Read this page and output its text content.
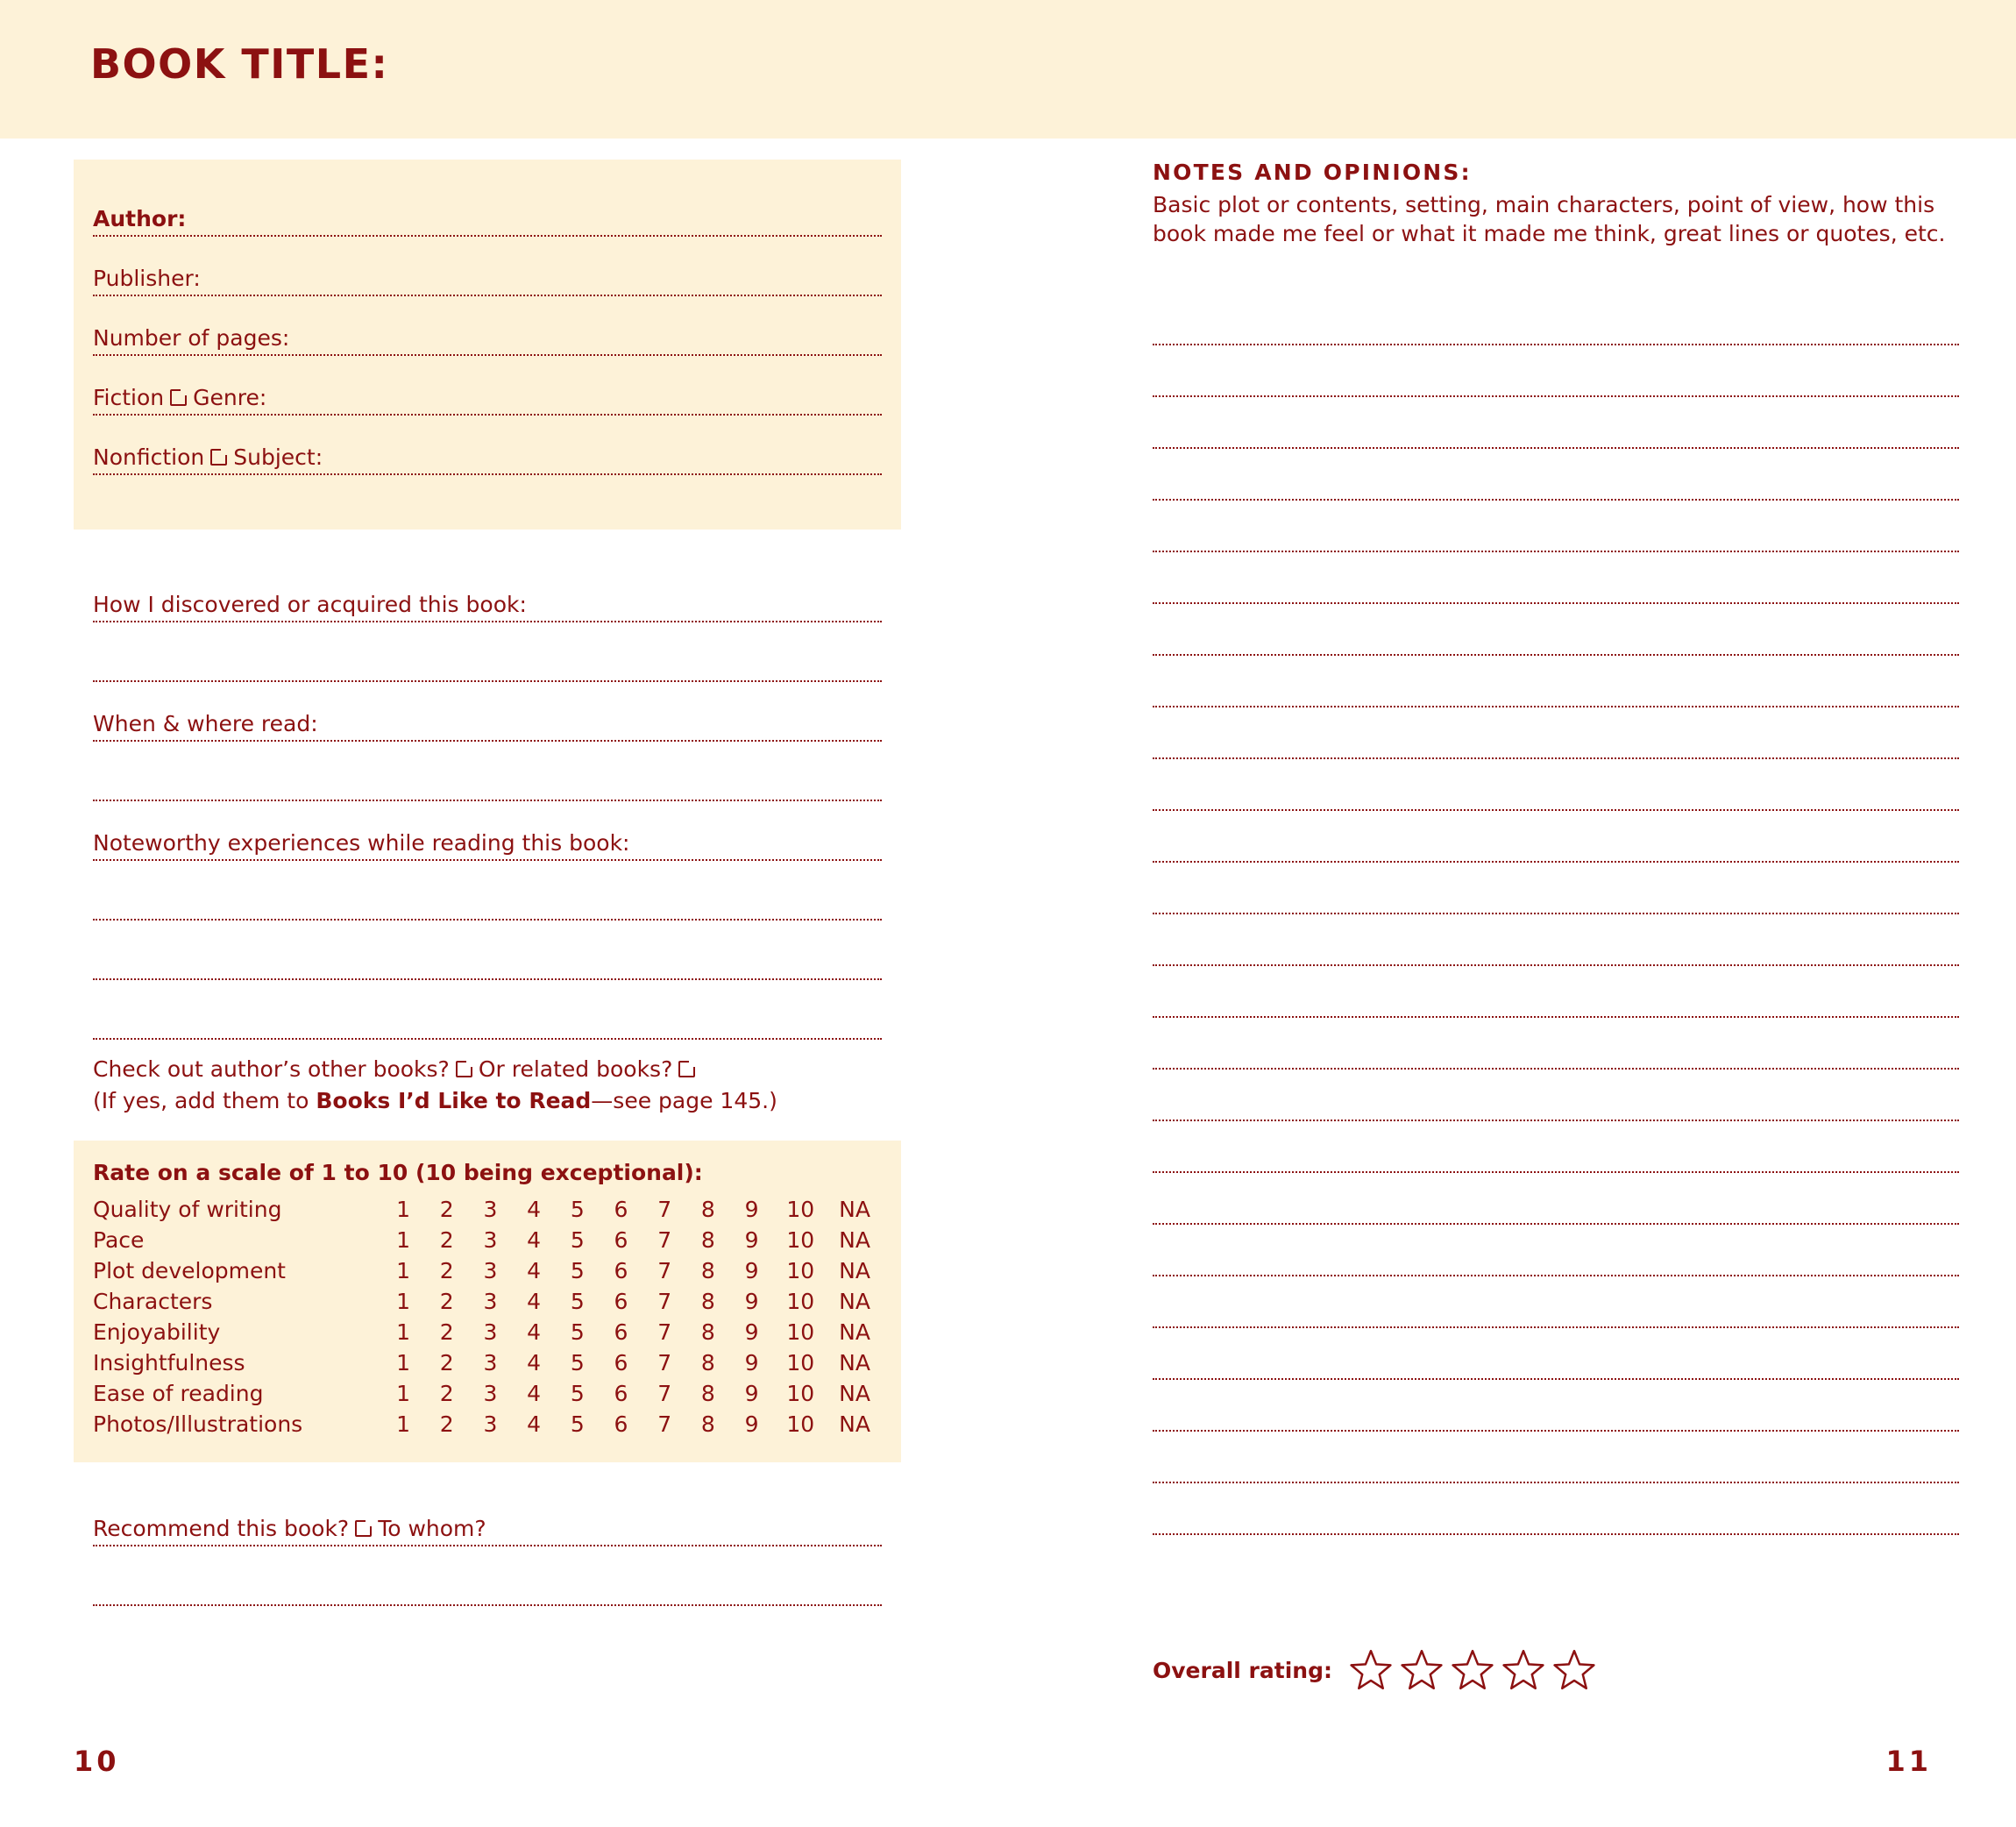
BOOK TITLE:
Author:
Publisher:
Number of pages:
Fiction Genre:
Nonfiction Subject:
How I discovered or acquired this book:
When & where read:
Noteworthy experiences while reading this book:
Check out author’s other books? Or related books?
(If yes, add them to Books I’d Like to Read—see page 145.)
Rate on a scale of 1 to 10 (10 being exceptional):
Quality of writing	1	2	3	4	5	6	7	8	9	10	NA
Pace	1	2	3	4	5	6	7	8	9	10	NA
Plot development	1	2	3	4	5	6	7	8	9	10	NA
Characters	1	2	3	4	5	6	7	8	9	10	NA
Enjoyability	1	2	3	4	5	6	7	8	9	10	NA
Insightfulness	1	2	3	4	5	6	7	8	9	10	NA
Ease of reading	1	2	3	4	5	6	7	8	9	10	NA
Photos/Illustrations	1	2	3	4	5	6	7	8	9	10	NA
Recommend this book? To whom?
NOTES AND OPINIONS:
Basic plot or contents, setting, main characters, point of view, how this book made me feel or what it made me think, great lines or quotes, etc.
Overall rating:
10	11
